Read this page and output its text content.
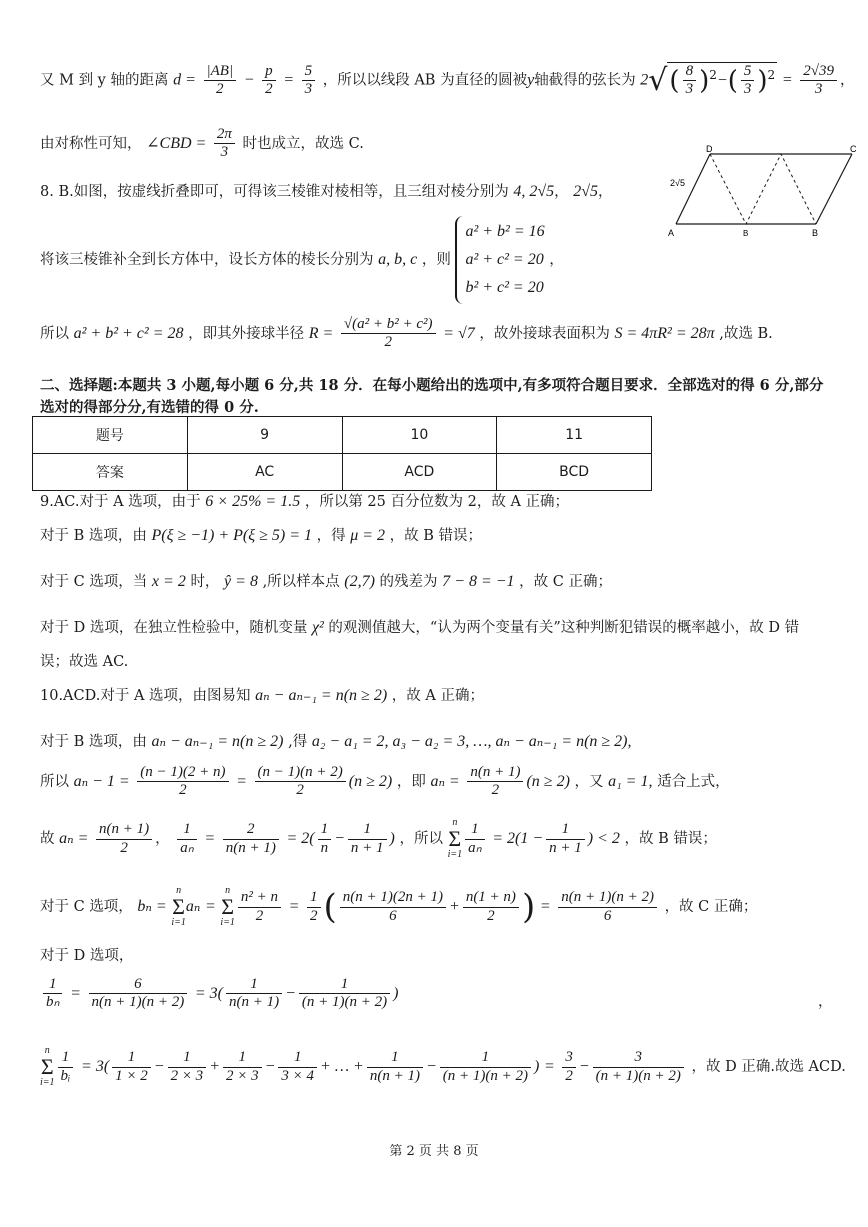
又 M 到 y 轴的距离 $d = \frac{|AB|}{2} - \frac{p}{2} = \frac{5}{3}$ ，所以以线段 AB 为直径的圆被y轴截得的弦长为 $2√( \frac{8}{3} )^2-( \frac{5}{3} )^2 = \frac{2√39}{3}$ ，
由对称性可知， ∠CBD = $\frac{2\pi}{3}$ 时也成立，故选 C.
8. B.如图，按虚线折叠即可，可得该三棱锥对棱相等，且三组对棱分别为 4, 2√5， 2√5，
D	C
A	B	B
2√5
将该三棱锥补全到长方体中，设长方体的棱长分别为 a, b, c ，则
a² + b² = 16
a² + c² = 20
b² + c² = 20
，
所以 a² + b² + c² = 28 ，即其外接球半径 $R = \frac{\text{√(a² + b² + c²)}}{2} = √7$ ，故外接球表面积为 S = 4πR² = 28π ,故选 B.
二、选择题:本题共 3 小题,每小题 6 分,共 18 分．在每小题给出的选项中,有多项符合题目要求．全部选对的得 6 分,部分
选对的得部分分,有选错的得 0 分.
题号	9	10	11
答案	AC	ACD	BCD
9.AC.对于 A 选项，由于 6 × 25% = 1.5 ，所以第 25 百分位数为 2，故 A 正确；
对于 B 选项，由 P(ξ ≥ −1) + P(ξ ≥ 5) = 1 ，得 μ = 2 ，故 B 错误；
对于 C 选项，当 x = 2 时， ŷ = 8 ,所以样本点 (2,7) 的残差为 7 − 8 = −1 ，故 C 正确；
对于 D 选项，在独立性检验中，随机变量 χ² 的观测值越大，“认为两个变量有关”这种判断犯错误的概率越小，故 D 错
误；故选 AC.
10.ACD.对于 A 选项，由图易知 aₙ − aₙ₋₁ = n(n ≥ 2) ，故 A 正确；
对于 B 选项，由 aₙ − aₙ₋₁ = n(n ≥ 2) ,得 a₂ − a₁ = 2, a₃ − a₂ = 3, …, aₙ − aₙ₋₁ = n(n ≥ 2),
所以 $a_n - 1 = \frac{(n - 1)(2 + n)}{2} = \frac{(n - 1)(n + 2)}{2} (n \ge 2)$ ，即 $a_n = \frac{n(n + 1)}{2} (n \ge 2)$ ，又 a₁ = 1, 适合上式，
故 $a_n = \frac{n(n + 1)}{2}$ ， $\frac{1}{\text{aₙ}} = \frac{2}{n(n + 1)} = 2( \frac{1}{n} - \frac{1}{n + 1}$ ) ，所以
n
Σ
$i=1 \frac{1}{\text{aₙ}} = 2(1 - \frac{1}{n + 1}$ ) < 2 ，故 B 错误；
对于 C 选项， bₙ =
n
Σ
i=1
aₙ =
n
Σ
$i=1 \frac{\text{n² + n}}{2} = \frac{1}{2}$ ( $\frac{n(n + 1)(2n + 1)}{6} + \frac{n(1 + n)}{2}$ ) = $\frac{n(n + 1)(n + 2)}{6}$ ，故 C 正确；
对于 D 选项，
$\frac{1}{\text{bₙ}} = \frac{6}{n(n + 1)(n + 2)} = 3( \frac{1}{n(n + 1)} - \frac{1}{(n + 1)(n + 2)}$ )
，
n
Σ
$i=1 \frac{1}{\text{bᵢ}} = 3( \frac{1}{1 \times 2} - \frac{1}{2 \times 3} + \frac{1}{2 \times 3} - \frac{1}{3 \times 4}$ + … + $\frac{1}{n(n + 1)} - \frac{1}{(n + 1)(n + 2)}$ ) = $\frac{3}{2} - \frac{3}{(n + 1)(n + 2)}$ ，故 D 正确.故选 ACD.
第 2 页 共 8 页
